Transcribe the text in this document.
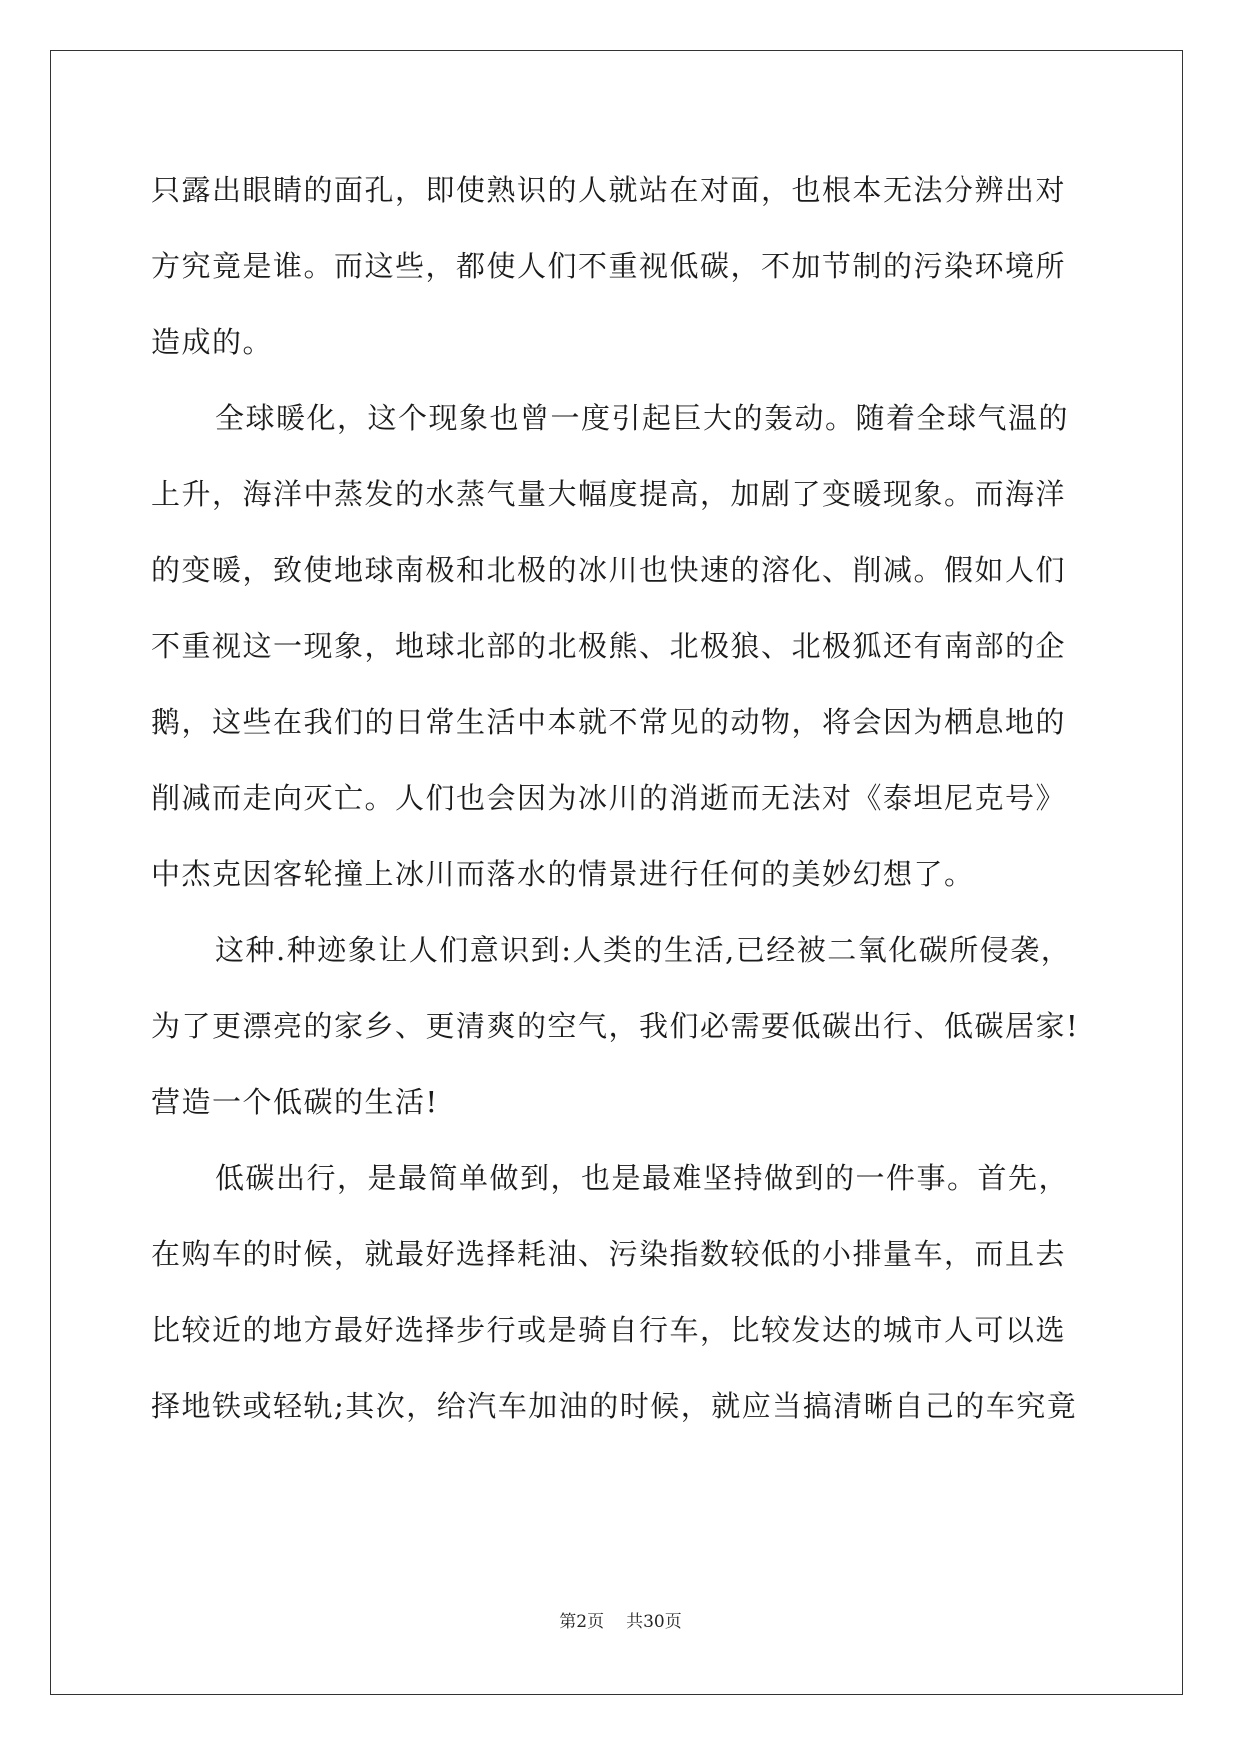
只露出眼睛的面孔，即使熟识的人就站在对面，也根本无法分辨出对
方究竟是谁。而这些，都使人们不重视低碳，不加节制的污染环境所
造成的。
全球暖化，这个现象也曾一度引起巨大的轰动。随着全球气温的
上升，海洋中蒸发的水蒸气量大幅度提高，加剧了变暖现象。而海洋
的变暖，致使地球南极和北极的冰川也快速的溶化、削减。假如人们
不重视这一现象，地球北部的北极熊、北极狼、北极狐还有南部的企
鹅，这些在我们的日常生活中本就不常见的动物，将会因为栖息地的
削减而走向灭亡。人们也会因为冰川的消逝而无法对《泰坦尼克号》
中杰克因客轮撞上冰川而落水的情景进行任何的美妙幻想了。
这种.种迹象让人们意识到:人类的生活,已经被二氧化碳所侵袭，
为了更漂亮的家乡、更清爽的空气，我们必需要低碳出行、低碳居家!
营造一个低碳的生活!
低碳出行，是最简单做到，也是最难坚持做到的一件事。首先，
在购车的时候，就最好选择耗油、污染指数较低的小排量车，而且去
比较近的地方最好选择步行或是骑自行车，比较发达的城市人可以选
择地铁或轻轨;其次，给汽车加油的时候，就应当搞清晰自己的车究竟
第2页 共30页
